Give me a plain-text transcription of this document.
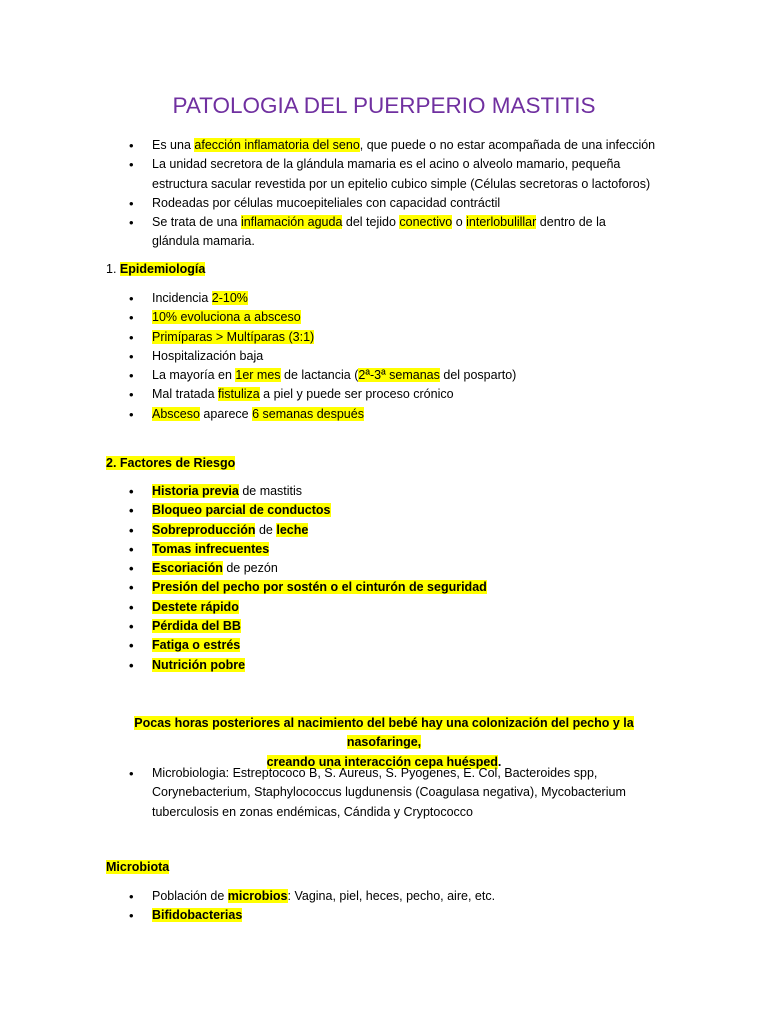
PATOLOGIA DEL PUERPERIO MASTITIS
• Es una afección inflamatoria del seno, que puede o no estar acompañada de una infección
• La unidad secretora de la glándula mamaria es el acino o alveolo mamario, pequeña
estructura sacular revestida por un epitelio cubico simple (Células secretoras o lactoforos)
• Rodeadas por células mucoepiteliales con capacidad contráctil
• Se trata de una inflamación aguda del tejido conectivo o interlobulillar dentro de la
glándula mamaria.
1. Epidemiología
• Incidencia 2-10%
• 10% evoluciona a absceso
• Primíparas > Multíparas (3:1)
• Hospitalización baja
• La mayoría en 1er mes de lactancia (2ª-3ª semanas del posparto)
• Mal tratada fistuliza a piel y puede ser proceso crónico
• Absceso aparece 6 semanas después
2. Factores de Riesgo
• Historia previa de mastitis
• Bloqueo parcial de conductos
• Sobreproducción de leche
• Tomas infrecuentes
• Escoriación de pezón
• Presión del pecho por sostén o el cinturón de seguridad
• Destete rápido
• Pérdida del BB
• Fatiga o estrés
• Nutrición pobre
Pocas horas posteriores al nacimiento del bebé hay una colonización del pecho y la nasofaringe,
creando una interacción cepa huésped.
• Microbiologia: Estreptococo B, S. Aureus, S. Pyogenes, E. Col, Bacteroides spp,
Corynebacterium, Staphylococcus lugdunensis (Coagulasa negativa), Mycobacterium
tuberculosis en zonas endémicas, Cándida y Cryptococco
Microbiota
• Población de microbios: Vagina, piel, heces, pecho, aire, etc.
• Bifidobacterias
